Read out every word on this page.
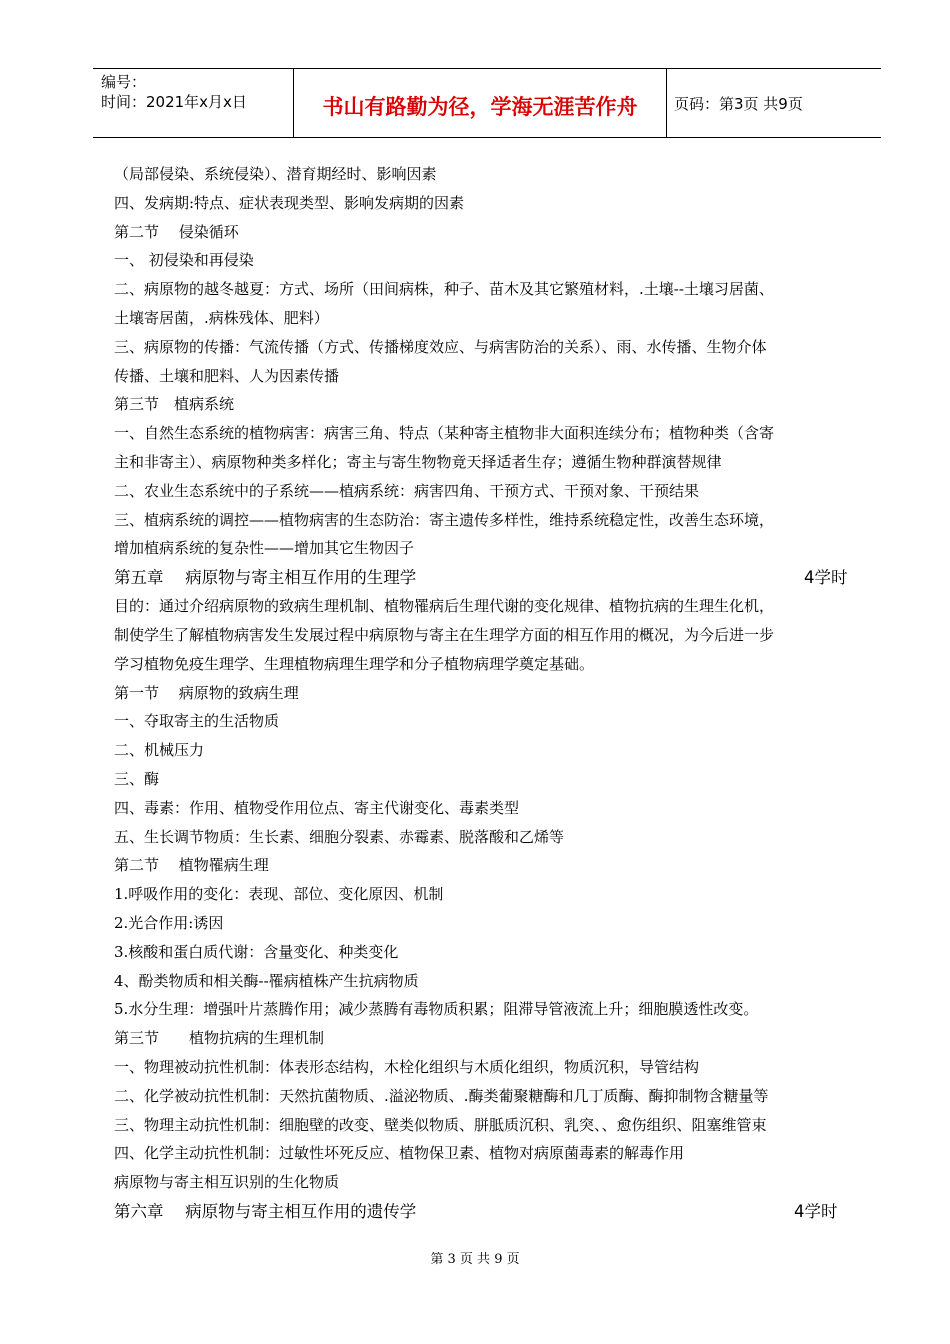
编号：
时间：2021年x月x日	书山有路勤为径，学海无涯苦作舟	页码：第3页 共9页
（局部侵染、系统侵染）、潜育期经时、影响因素
四、发病期:特点、症状表现类型、影响发病期的因素
第二节　 侵染循环
一、 初侵染和再侵染
二、病原物的越冬越夏：方式、场所（田间病株，种子、苗木及其它繁殖材料，.土壤--土壤习居菌、
土壤寄居菌，.病株残体、肥料）
三、病原物的传播：气流传播（方式、传播梯度效应、与病害防治的关系）、雨、水传播、生物介体
传播、土壤和肥料、人为因素传播
第三节　植病系统
一、自然生态系统的植物病害：病害三角、特点（某种寄主植物非大面积连续分布；植物种类（含寄
主和非寄主）、病原物种类多样化；寄主与寄生物物竟天择适者生存；遵循生物种群演替规律
二、农业生态系统中的子系统——植病系统：病害四角、干预方式、干预对象、干预结果
三、植病系统的调控——植物病害的生态防治：寄主遗传多样性，维持系统稳定性，改善生态环境，
增加植病系统的复杂性——增加其它生物因子
第五章　 病原物与寄主相互作用的生理学	4学时
目的：通过介绍病原物的致病生理机制、植物罹病后生理代谢的变化规律、植物抗病的生理生化机，
制使学生了解植物病害发生发展过程中病原物与寄主在生理学方面的相互作用的概况，为今后进一步
学习植物免疫生理学、生理植物病理生理学和分子植物病理学奠定基础。
第一节　 病原物的致病生理
一、夺取寄主的生活物质
二、机械压力
三、酶
四、毒素：作用、植物受作用位点、寄主代谢变化、毒素类型
五、生长调节物质：生长素、细胞分裂素、赤霉素、脱落酸和乙烯等
第二节　 植物罹病生理
1.呼吸作用的变化：表现、部位、变化原因、机制
2.光合作用:诱因
3.核酸和蛋白质代谢：含量变化、种类变化
4、酚类物质和相关酶--罹病植株产生抗病物质
5.水分生理：增强叶片蒸腾作用；减少蒸腾有毒物质积累；阻滞导管液流上升；细胞膜透性改变。
第三节　　植物抗病的生理机制
一、物理被动抗性机制：体表形态结构，木栓化组织与木质化组织，物质沉积，导管结构
二、化学被动抗性机制：天然抗菌物质、.溢泌物质、.酶类葡聚糖酶和几丁质酶、酶抑制物含糖量等
三、物理主动抗性机制：细胞壁的改变、壁类似物质、胼胝质沉积、乳突、、愈伤组织、阻塞维管束
四、化学主动抗性机制：过敏性坏死反应、植物保卫素、植物对病原菌毒素的解毒作用
病原物与寄主相互识别的生化物质
第六章　 病原物与寄主相互作用的遗传学	4学时
第 3 页 共 9 页
